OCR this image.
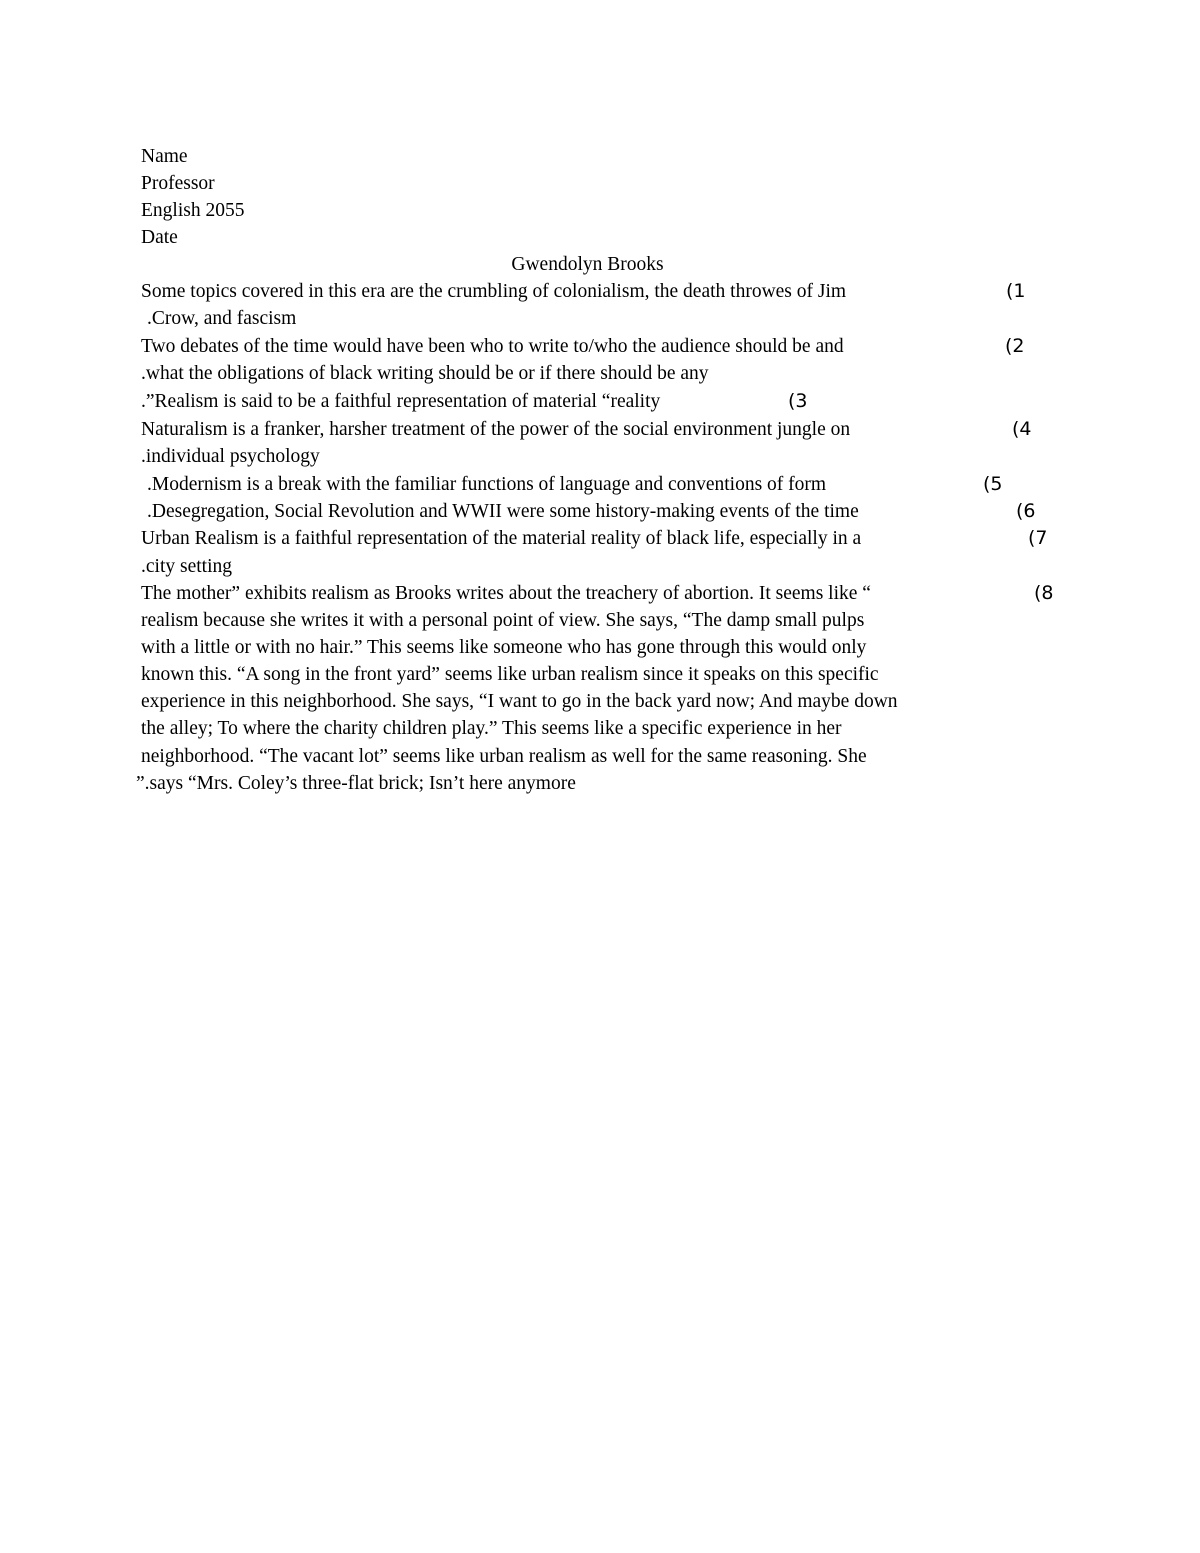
Name
Professor
English 2055
Date
Gwendolyn Brooks
Some topics covered in this era are the crumbling of colonialism, the death throwes of Jim	(1
.Crow, and fascism
Two debates of the time would have been who to write to/who the audience should be and	(2
.what the obligations of black writing should be or if there should be any
.”Realism is said to be a faithful representation of material “reality	(3
Naturalism is a franker, harsher treatment of the power of the social environment jungle on	(4
.individual psychology
.Modernism is a break with the familiar functions of language and conventions of form	(5
.Desegregation, Social Revolution and WWII were some history-making events of the time	(6
Urban Realism is a faithful representation of the material reality of black life, especially in a	(7
.city setting
The mother” exhibits realism as Brooks writes about the treachery of abortion. It seems like “	(8
realism because she writes it with a personal point of view. She says, “The damp small pulps
with a little or with no hair.” This seems like someone who has gone through this would only
known this. “A song in the front yard” seems like urban realism since it speaks on this specific
experience in this neighborhood. She says, “I want to go in the back yard now; And maybe down
the alley; To where the charity children play.” This seems like a specific experience in her
neighborhood. “The vacant lot” seems like urban realism as well for the same reasoning. She
”.says “Mrs. Coley’s three-flat brick; Isn’t here anymore
